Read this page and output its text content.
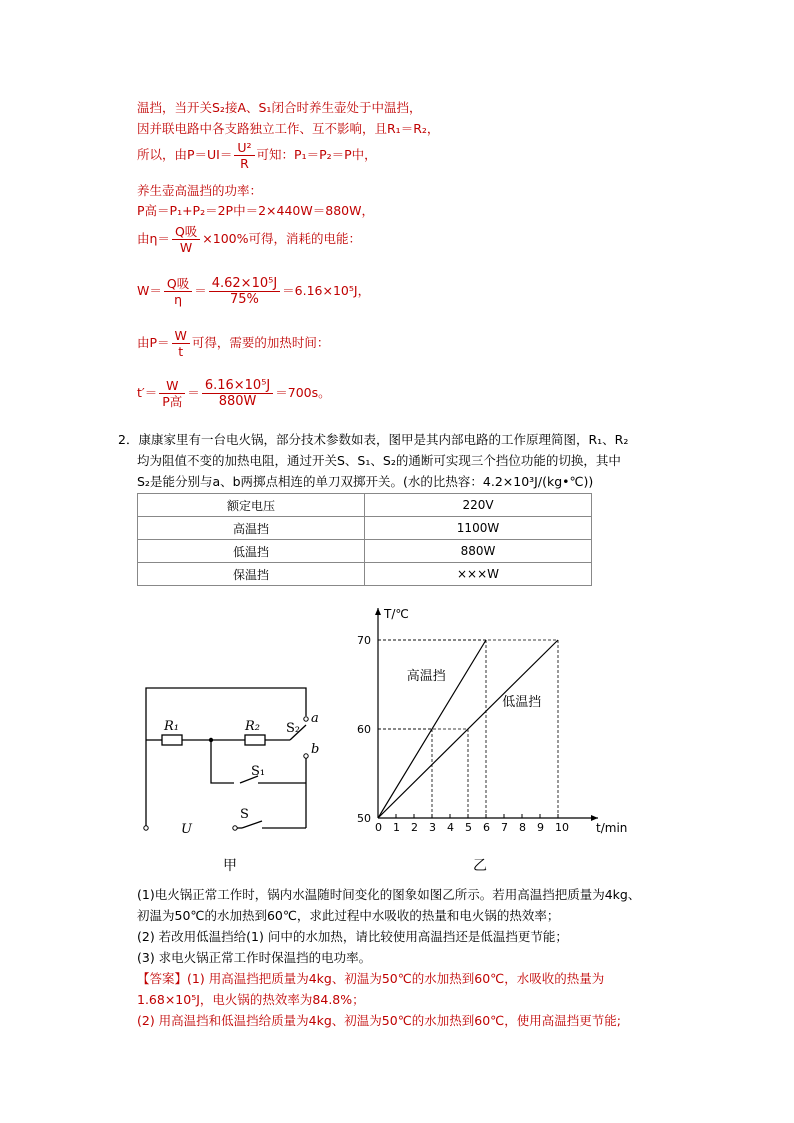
温挡，当开关S₂接A、S₁闭合时养生壶处于中温挡，
因并联电路中各支路独立工作、互不影响，且R₁＝R₂，
所以，由$P=UI= \frac{\text{U²}}{R}$ 可知：P₁＝P₂＝P中，
养生壶高温挡的功率：
P高＝P₁+P₂＝2P中＝2×440W＝880W，
由$\eta= \frac{\text{Q吸}}{W} \times 100\%$可得，消耗的电能：
$W= \frac{\text{Q吸}}{\eta} = \frac{\text{4.62×10⁵J}}{75\%} =6.16\times 10^5J$，
由$P= \frac{W}{t}$ 可得，需要的加热时间：
$t'= \frac{W}{\text{P高}} = \frac{\text{6.16×10⁵J}}{880W} =700s$。
2．康康家里有一台电火锅，部分技术参数如表，图甲是其内部电路的工作原理简图，R₁、R₂
均为阻值不变的加热电阻，通过开关S、S₁、S₂的通断可实现三个挡位功能的切换，其中
S₂是能分别与a、b两掷点相连的单刀双掷开关。(水的比热容：4.2×10³J/(kg•℃))
额定电压	220V
高温挡	1100W
低温挡	880W
保温挡	×××W
R₁	R₂ S₂
a
b
S₁
S
U
甲
t/min
T/℃
0 1 2 3 4 5 6 7 8 9 10
50
60
70
高温挡
低温挡
乙
(1)电火锅正常工作时，锅内水温随时间变化的图象如图乙所示。若用高温挡把质量为4kg、
初温为50℃的水加热到60℃，求此过程中水吸收的热量和电火锅的热效率；
(2) 若改用低温挡给(1) 问中的水加热，请比较使用高温挡还是低温挡更节能；
(3) 求电火锅正常工作时保温挡的电功率。
【答案】(1) 用高温挡把质量为4kg、初温为50℃的水加热到60℃，水吸收的热量为
1.68×10⁵J，电火锅的热效率为84.8%；
(2) 用高温挡和低温挡给质量为4kg、初温为50℃的水加热到60℃，使用高温挡更节能;
